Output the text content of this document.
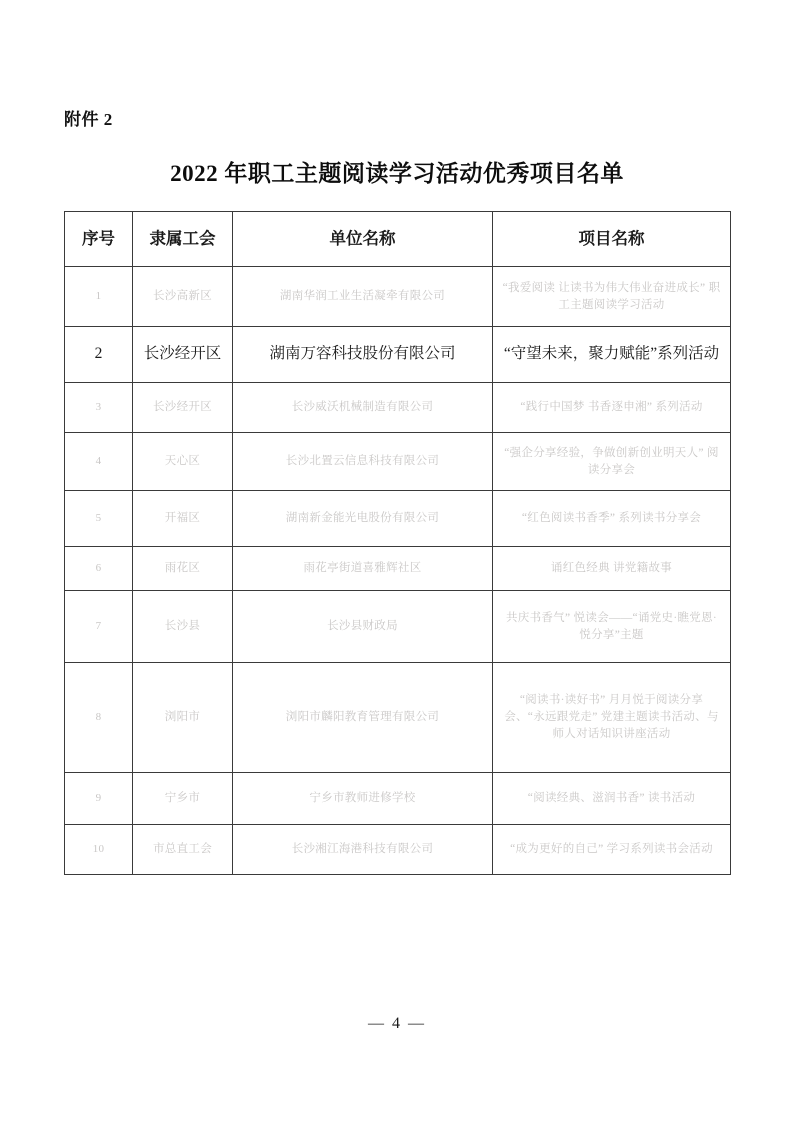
附件 2
2022 年职工主题阅读学习活动优秀项目名单
序号	隶属工会	单位名称	项目名称
1	长沙高新区	湖南华润工业生活凝牵有限公司	“我爱阅读 让读书为伟大伟业奋进成长” 职工主题阅读学习活动
2	长沙经开区	湖南万容科技股份有限公司	“守望未来，聚力赋能”系列活动
3	长沙经开区	长沙威沃机械制造有限公司	“践行中国梦 书香逐申湘” 系列活动
4	天心区	长沙北置云信息科技有限公司	“强企分享经验，争做创新创业明天人” 阅读分享会
5	开福区	湖南新金能光电股份有限公司	“红色阅读书香季” 系列读书分享会
6	雨花区	雨花亭街道喜雅辉社区	诵红色经典 讲党籍故事
7	长沙县	长沙县财政局	共庆书香气” 悦读会——“诵党史·瞧党恩·悦分享”主题
8	浏阳市	浏阳市麟阳教育管理有限公司	“阅读书·读好书” 月月悦于阅读分享会、“永远跟党走” 党建主题读书活动、与师人对话知识讲座活动
9	宁乡市	宁乡市教师进修学校	“阅读经典、滋润书香” 读书活动
10	市总直工会	长沙湘江海港科技有限公司	“成为更好的自己” 学习系列读书会活动
— 4 —
